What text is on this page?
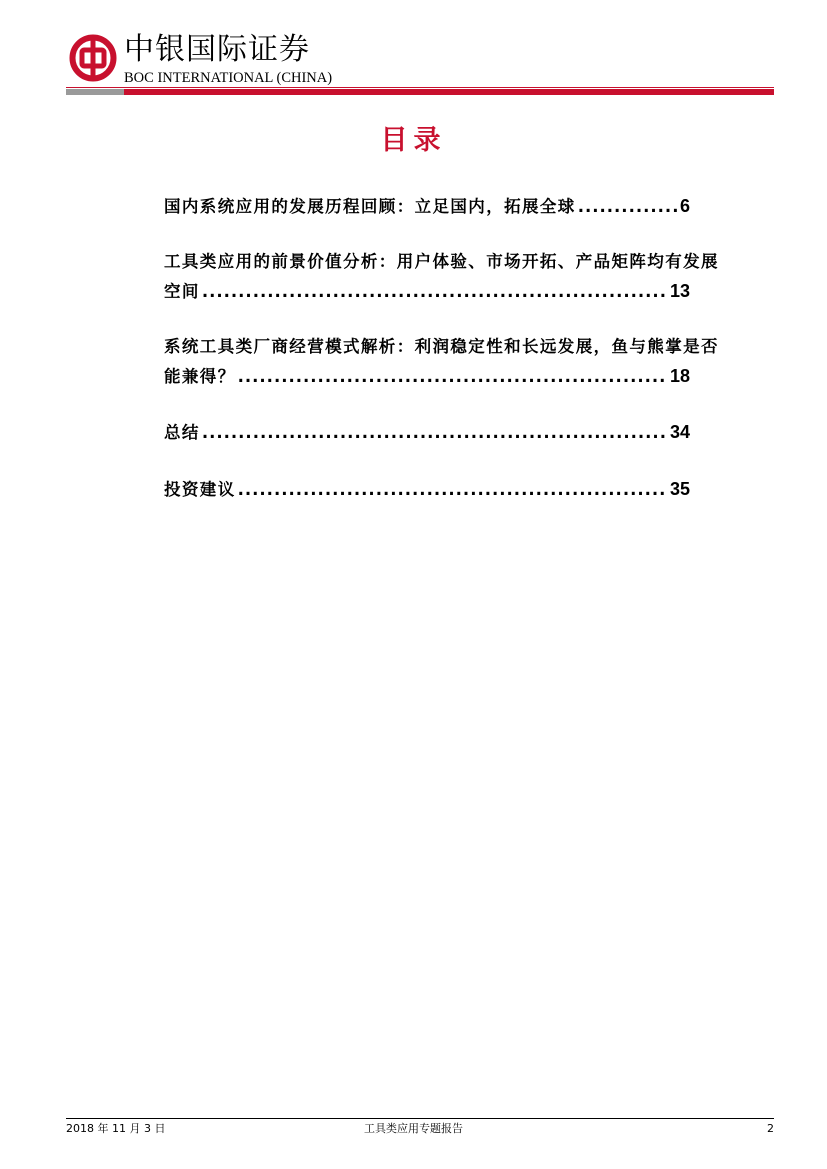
中银国际证券
BOC INTERNATIONAL (CHINA)
目录
国内系统应用的发展历程回顾：立足国内，拓展全球 .....	6
工具类应用的前景价值分析：用户体验、市场开拓、产品矩阵均有发展
空间 .....	13
系统工具类厂商经营模式解析：利润稳定性和长远发展，鱼与熊掌是否
能兼得？ .....	18
总结 .....	34
投资建议 .....	35
2018 年 11 月 3 日	工具类应用专题报告	2
